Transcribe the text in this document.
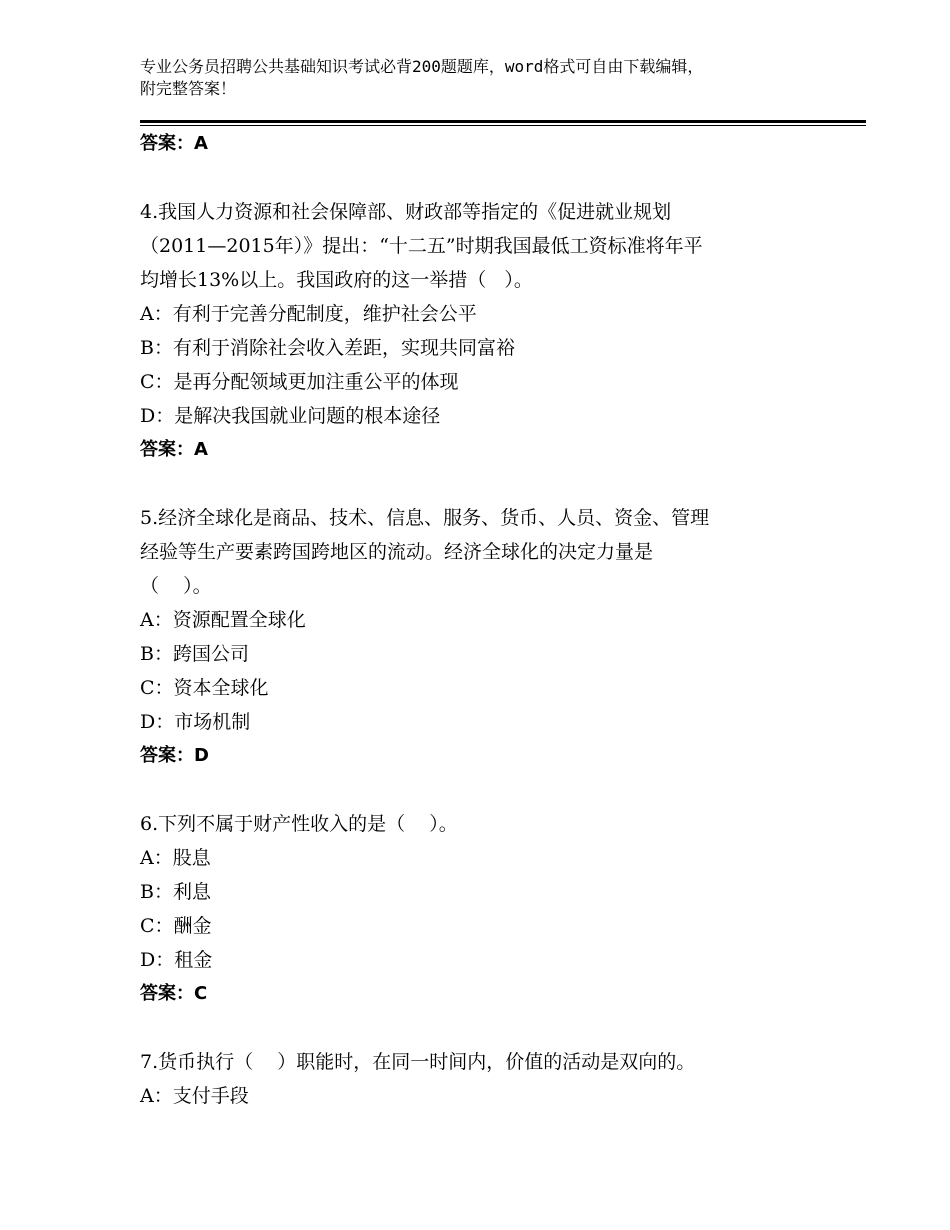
专业公务员招聘公共基础知识考试必背200题题库，word格式可自由下载编辑，
附完整答案！
答案：A
4.我国人力资源和社会保障部、财政部等指定的《促进就业规划
（2011—2015年）》提出：“十二五”时期我国最低工资标准将年平
均增长13%以上。我国政府的这一举措（   ）。
A：有利于完善分配制度，维护社会公平
B：有利于消除社会收入差距，实现共同富裕
C：是再分配领域更加注重公平的体现
D：是解决我国就业问题的根本途径
答案：A
5.经济全球化是商品、技术、信息、服务、货币、人员、资金、管理
经验等生产要素跨国跨地区的流动。经济全球化的决定力量是
（    ）。
A：资源配置全球化
B：跨国公司
C：资本全球化
D：市场机制
答案：D
6.下列不属于财产性收入的是（    ）。
A：股息
B：利息
C：酬金
D：租金
答案：C
7.货币执行（    ）职能时，在同一时间内，价值的活动是双向的。
A：支付手段
